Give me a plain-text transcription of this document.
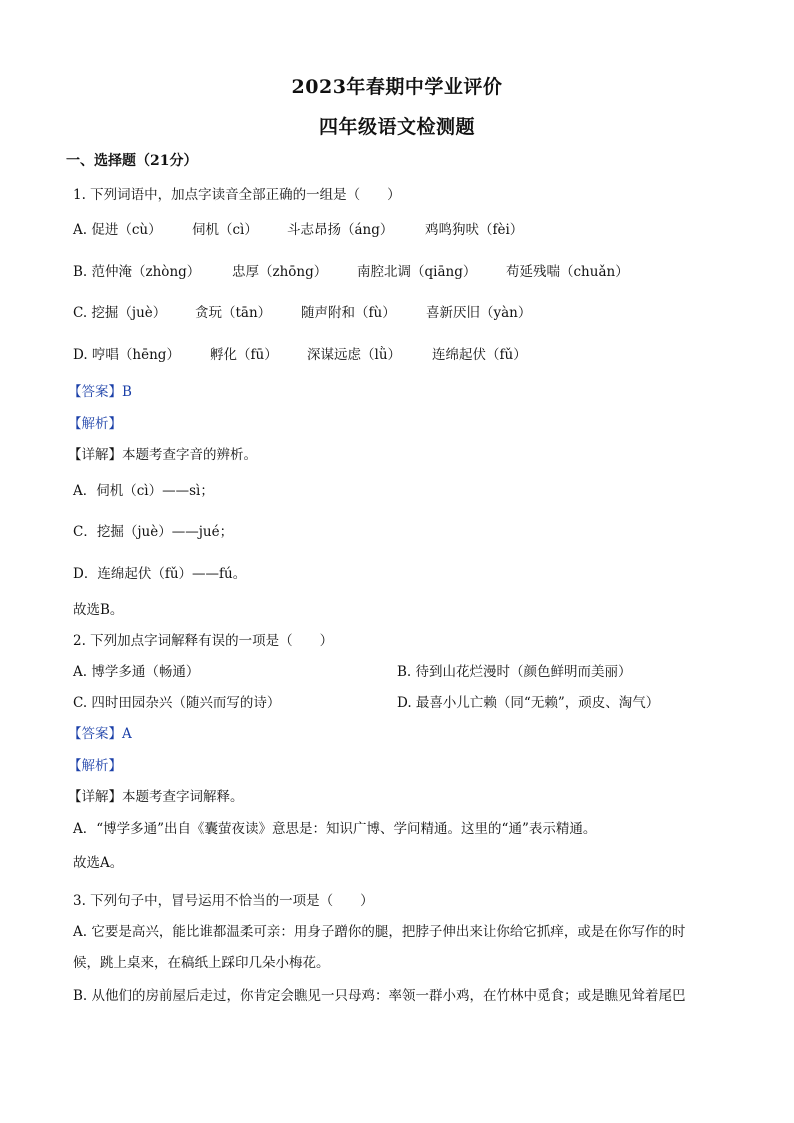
2023年春期中学业评价
四年级语文检测题
一、选择题（21分）
1. 下列词语中，加点字读音全部正确的一组是（　　）
A. 促进（cù） 伺机（cì） 斗志昂扬（áng） 鸡鸣狗吠（fèi）
B. 范仲淹（zhòng） 忠厚（zhōng） 南腔北调（qiāng） 苟延残喘（chuǎn）
C. 挖掘（juè） 贪玩（tān） 随声附和（fù） 喜新厌旧（yàn）
D. 哼唱（hēng） 孵化（fū） 深谋远虑（lǜ） 连绵起伏（fǔ）
【答案】B
【解析】
【详解】本题考查字音的辨析。
A．伺机（cì）——sì；
C．挖掘（juè）——jué；
D．连绵起伏（fǔ）——fú。
故选B。
2. 下列加点字词解释有误的一项是（　　）
A. 博学多通（畅通）	B. 待到山花烂漫时（颜色鲜明而美丽）
C. 四时田园杂兴（随兴而写的诗）	D. 最喜小儿亡赖（同“无赖”，顽皮、淘气）
【答案】A
【解析】
【详解】本题考查字词解释。
A．“博学多通”出自《囊萤夜读》意思是：知识广博、学问精通。这里的“通”表示精通。
故选A。
3. 下列句子中，冒号运用不恰当的一项是（　　）
A. 它要是高兴，能比谁都温柔可亲：用身子蹭你的腿，把脖子伸出来让你给它抓痒，或是在你写作的时
候，跳上桌来，在稿纸上踩印几朵小梅花。
B. 从他们的房前屋后走过，你肯定会瞧见一只母鸡：率领一群小鸡，在竹林中觅食；或是瞧见耸着尾巴
